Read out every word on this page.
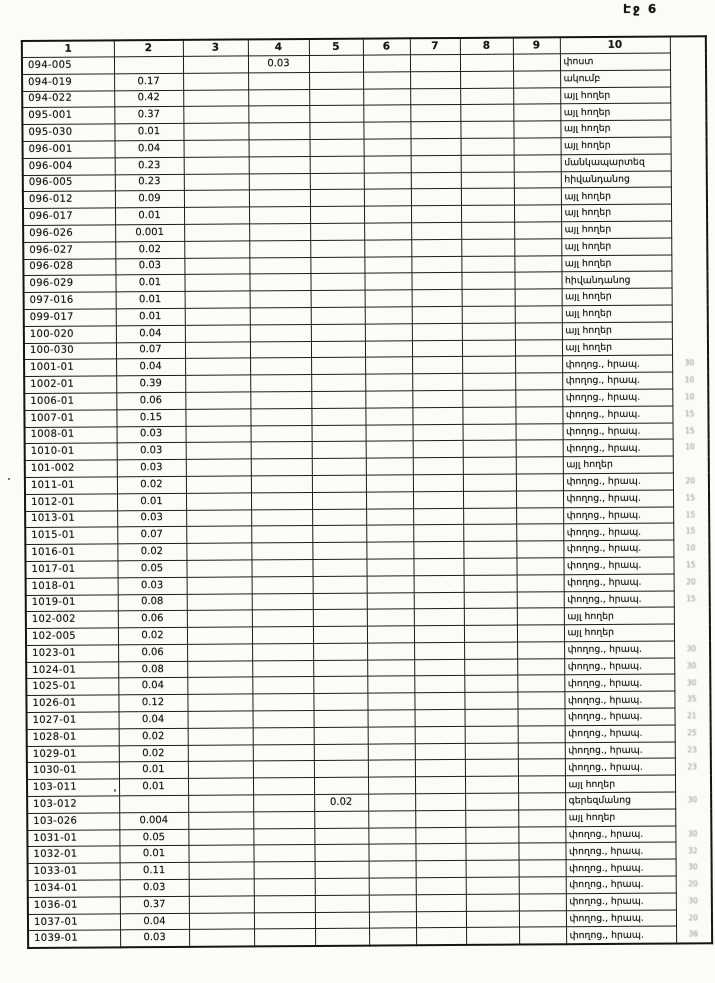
Էջ 6
1	2	3	4	5	6	7	8	9	10	
094-005			0.03						փոստ	
094-019	0.17								ակումբ	
094-022	0.42								այլ հողեր	
095-001	0.37								այլ հողեր	
095-030	0.01								այլ հողեր	
096-001	0.04								այլ հողեր	
096-004	0.23								մանկապարտեզ	
096-005	0.23								հիվանդանոց	
096-012	0.09								այլ հողեր	
096-017	0.01								այլ հողեր	
096-026	0.001								այլ հողեր	
096-027	0.02								այլ հողեր	
096-028	0.03								այլ հողեր	
096-029	0.01								հիվանդանոց	
097-016	0.01								այլ հողեր	
099-017	0.01								այլ հողեր	
100-020	0.04								այլ հողեր	
100-030	0.07								այլ հողեր	
1001-01	0.04								փողոց., հրապ.	30
1002-01	0.39								փողոց., հրապ.	10
1006-01	0.06								փողոց., հրապ.	10
1007-01	0.15								փողոց., հրապ.	15
1008-01	0.03								փողոց., հրապ.	15
1010-01	0.03								փողոց., հրապ.	10
101-002	0.03								այլ հողեր	
1011-01	0.02								փողոց., հրապ.	20
1012-01	0.01								փողոց., հրապ.	15
1013-01	0.03								փողոց., հրապ.	15
1015-01	0.07								փողոց., հրապ.	15
1016-01	0.02								փողոց., հրապ.	10
1017-01	0.05								փողոց., հրապ.	15
1018-01	0.03								փողոց., հրապ.	20
1019-01	0.08								փողոց., հրապ.	15
102-002	0.06								այլ հողեր	
102-005	0.02								այլ հողեր	
1023-01	0.06								փողոց., հրապ.	30
1024-01	0.08								փողոց., հրապ.	30
1025-01	0.04								փողոց., հրապ.	30
1026-01	0.12								փողոց., հրապ.	35
1027-01	0.04								փողոց., հրապ.	21
1028-01	0.02								փողոց., հրապ.	25
1029-01	0.02								փողոց., հրապ.	23
1030-01	0.01								փողոց., հրապ.	23
103-011	0.01								այլ հողեր	
103-012				0.02					գերեզմանոց	30
103-026	0.004								այլ հողեր	
1031-01	0.05								փողոց., հրապ.	30
1032-01	0.01								փողոց., հրապ.	32
1033-01	0.11								փողոց., հրապ.	30
1034-01	0.03								փողոց., հրապ.	20
1036-01	0.37								փողոց., հրապ.	30
1037-01	0.04								փողոց., հրապ.	20
1039-01	0.03								փողոց., հրապ.	36
